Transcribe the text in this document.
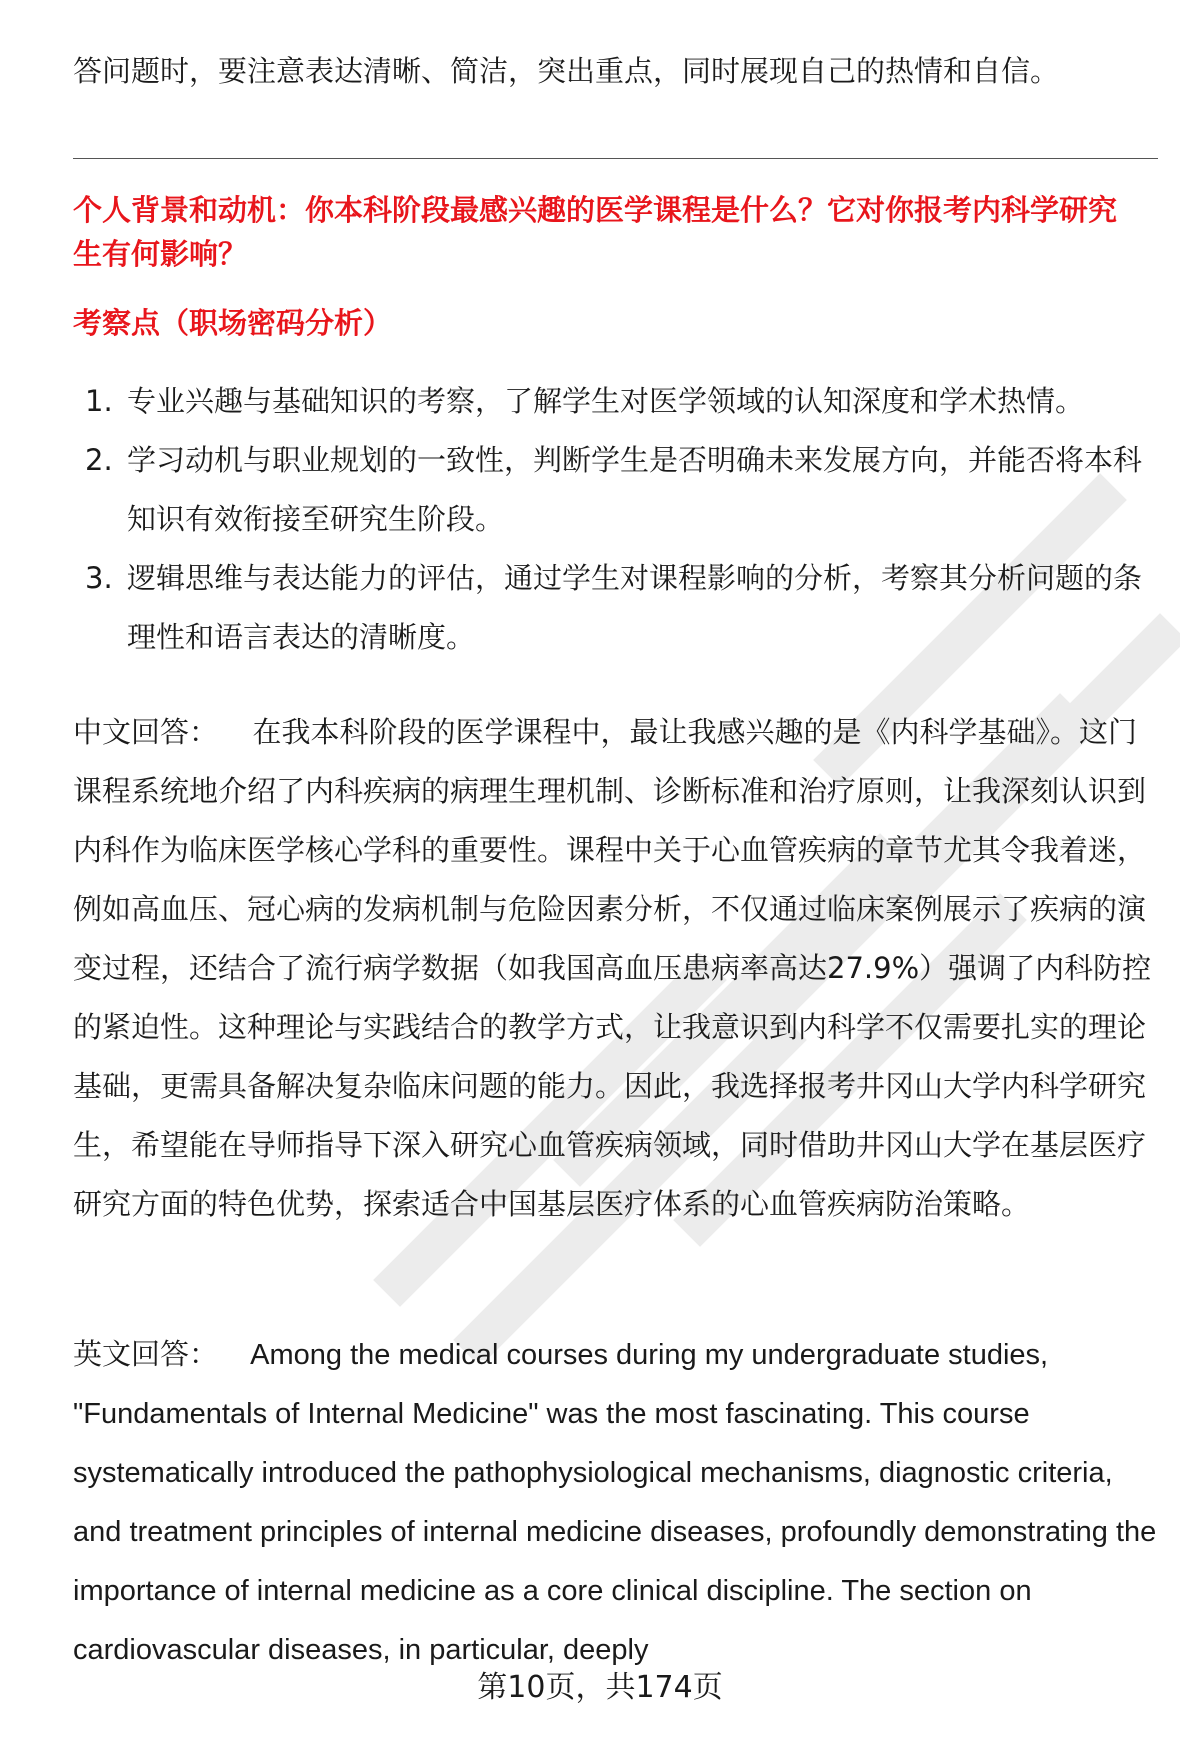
答问题时，要注意表达清晰、简洁，突出重点，同时展现自己的热情和自信。
个人背景和动机：你本科阶段最感兴趣的医学课程是什么？它对你报考内科学研究
生有何影响？
考察点（职场密码分析）
1. 专业兴趣与基础知识的考察，了解学生对医学领域的认知深度和学术热情。
2. 学习动机与职业规划的一致性，判断学生是否明确未来发展方向，并能否将本科知识有效衔接至研究生阶段。
3. 逻辑思维与表达能力的评估，通过学生对课程影响的分析，考察其分析问题的条理性和语言表达的清晰度。

中文回答： 在我本科阶段的医学课程中，最让我感兴趣的是《内科学基础》。这门课程系统地介绍了内科疾病的病理生理机制、诊断标准和治疗原则，让我深刻认识到内科作为临床医学核心学科的重要性。课程中关于心血管疾病的章节尤其令我着迷，例如高血压、冠心病的发病机制与危险因素分析，不仅通过临床案例展示了疾病的演变过程，还结合了流行病学数据（如我国高血压患病率高达27.9%）强调了内科防控的紧迫性。这种理论与实践结合的教学方式，让我意识到内科学不仅需要扎实的理论基础，更需具备解决复杂临床问题的能力。因此，我选择报考井冈山大学内科学研究生，希望能在导师指导下深入研究心血管疾病领域，同时借助井冈山大学在基层医疗研究方面的特色优势，探索适合中国基层医疗体系的心血管疾病防治策略。

英文回答： Among the medical courses during my undergraduate studies, "Fundamentals of Internal Medicine" was the most fascinating. This course systematically introduced the pathophysiological mechanisms, diagnostic criteria, and treatment principles of internal medicine diseases, profoundly demonstrating the importance of internal medicine as a core clinical discipline. The section on cardiovascular diseases, in particular, deeply

第10页，共174页
